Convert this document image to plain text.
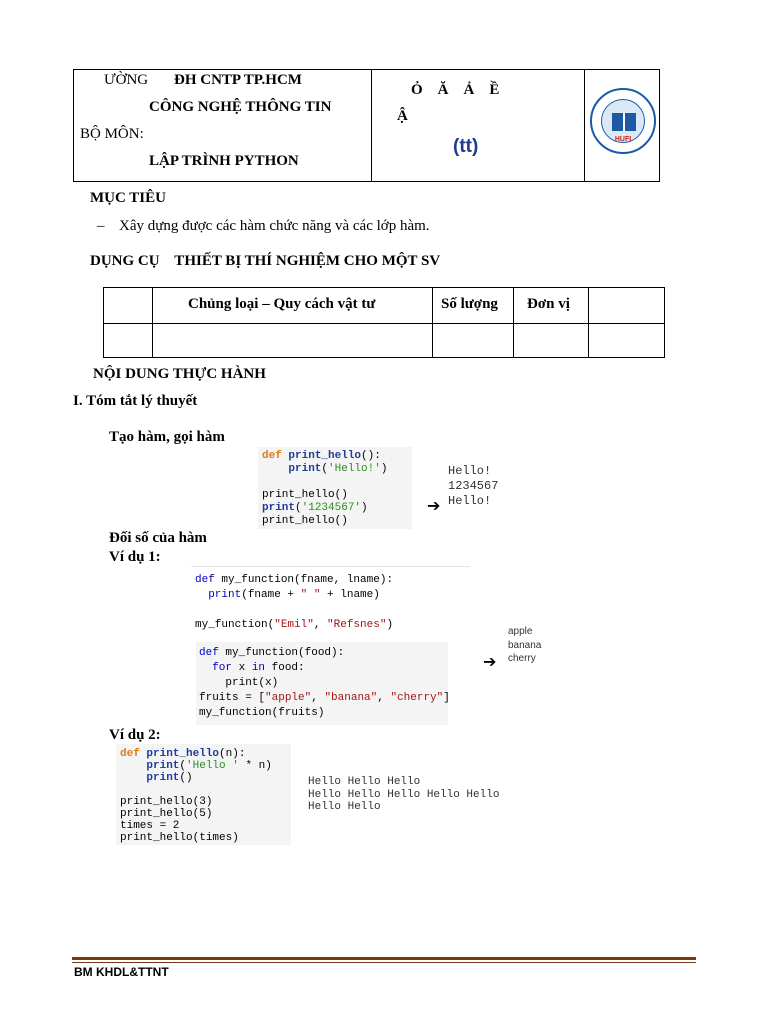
ƯỜNG ĐH CNTP TP.HCM
CÔNG NGHỆ THÔNG TIN
BỘ MÔN:
LẬP TRÌNH PYTHON
Ỏ    Ă    Ả    Ề
Ậ
(tt)	HUFI
MỤC TIÊU
– Xây dựng được các hàm chức năng và các lớp hàm.
DỤNG CỤ    THIẾT BỊ THÍ NGHIỆM CHO MỘT SV
Chủng loại – Quy cách vật tư	Số lượng Đơn vị
NỘI DUNG THỰC HÀNH
I. Tóm tắt lý thuyết
Tạo hàm, gọi hàm
def print_hello():
print('Hello!')

print_hello()
print('1234567')
print_hello()
➔
Hello!
1234567
Hello!
Đối số của hàm
Ví dụ 1:
def my_function(fname, lname):
print(fname + " " + lname)

my_function("Emil", "Refsnes")
def my_function(food):
for x in food:
print(x)
fruits = ["apple", "banana", "cherry"]
my_function(fruits)
➔
apple
banana
cherry
Ví dụ 2:
def print_hello(n):
print('Hello ' * n)
print()

print_hello(3)
print_hello(5)
times = 2
print_hello(times)
Hello Hello Hello
Hello Hello Hello Hello Hello
Hello Hello
BM KHDL&TTNT
